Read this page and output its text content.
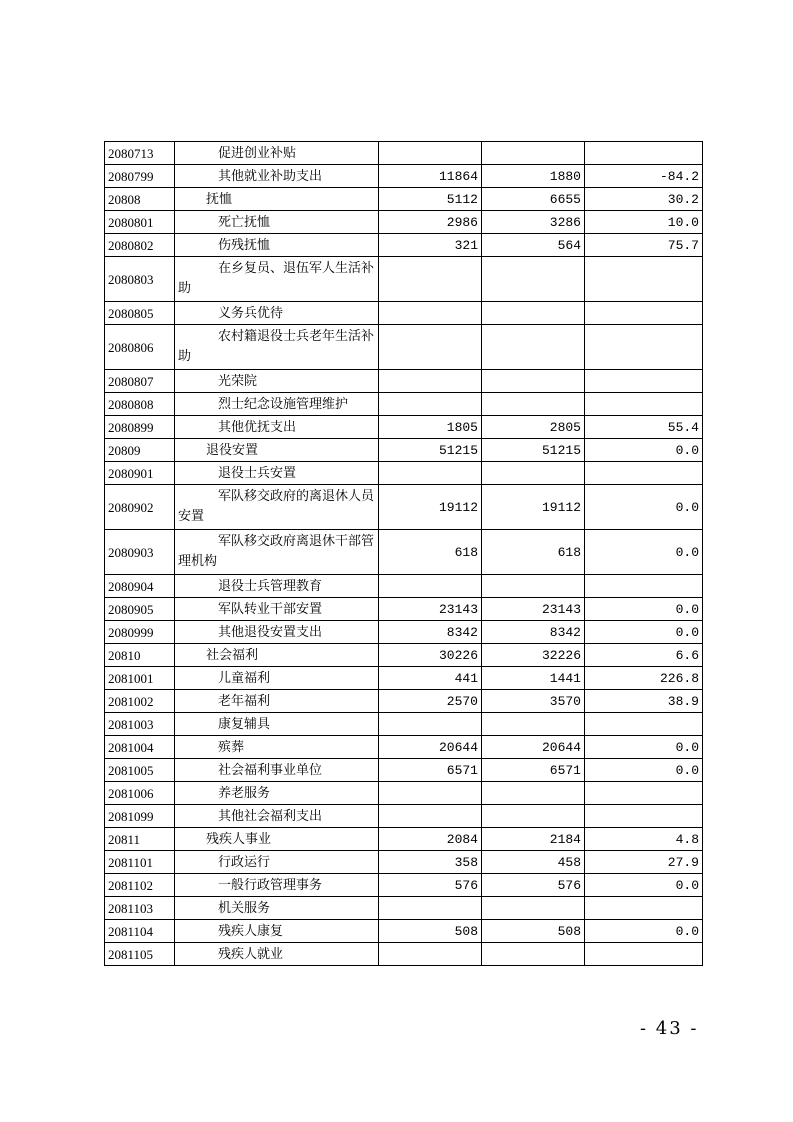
2080713	促进创业补贴			
2080799	其他就业补助支出	11864	1880	-84.2
20808	抚恤	5112	6655	30.2
2080801	死亡抚恤	2986	3286	10.0
2080802	伤残抚恤	321	564	75.7
2080803	在乡复员、退伍军人生活补助			

2080805	义务兵优待			
2080806	农村籍退役士兵老年生活补助			

2080807	光荣院			
2080808	烈士纪念设施管理维护			
2080899	其他优抚支出	1805	2805	55.4
20809	退役安置	51215	51215	0.0
2080901	退役士兵安置			
2080902	军队移交政府的离退休人员安置	19112	19112	0.0
2080903	军队移交政府离退休干部管理机构	618	618	0.0
2080904	退役士兵管理教育			
2080905	军队转业干部安置	23143	23143	0.0
2080999	其他退役安置支出	8342	8342	0.0
20810	社会福利	30226	32226	6.6
2081001	儿童福利	441	1441	226.8
2081002	老年福利	2570	3570	38.9
2081003	康复辅具			
2081004	殡葬	20644	20644	0.0
2081005	社会福利事业单位	6571	6571	0.0
2081006	养老服务			
2081099	其他社会福利支出			
20811	残疾人事业	2084	2184	4.8
2081101	行政运行	358	458	27.9
2081102	一般行政管理事务	576	576	0.0
2081103	机关服务			
2081104	残疾人康复	508	508	0.0
2081105	残疾人就业			
- 43 -
